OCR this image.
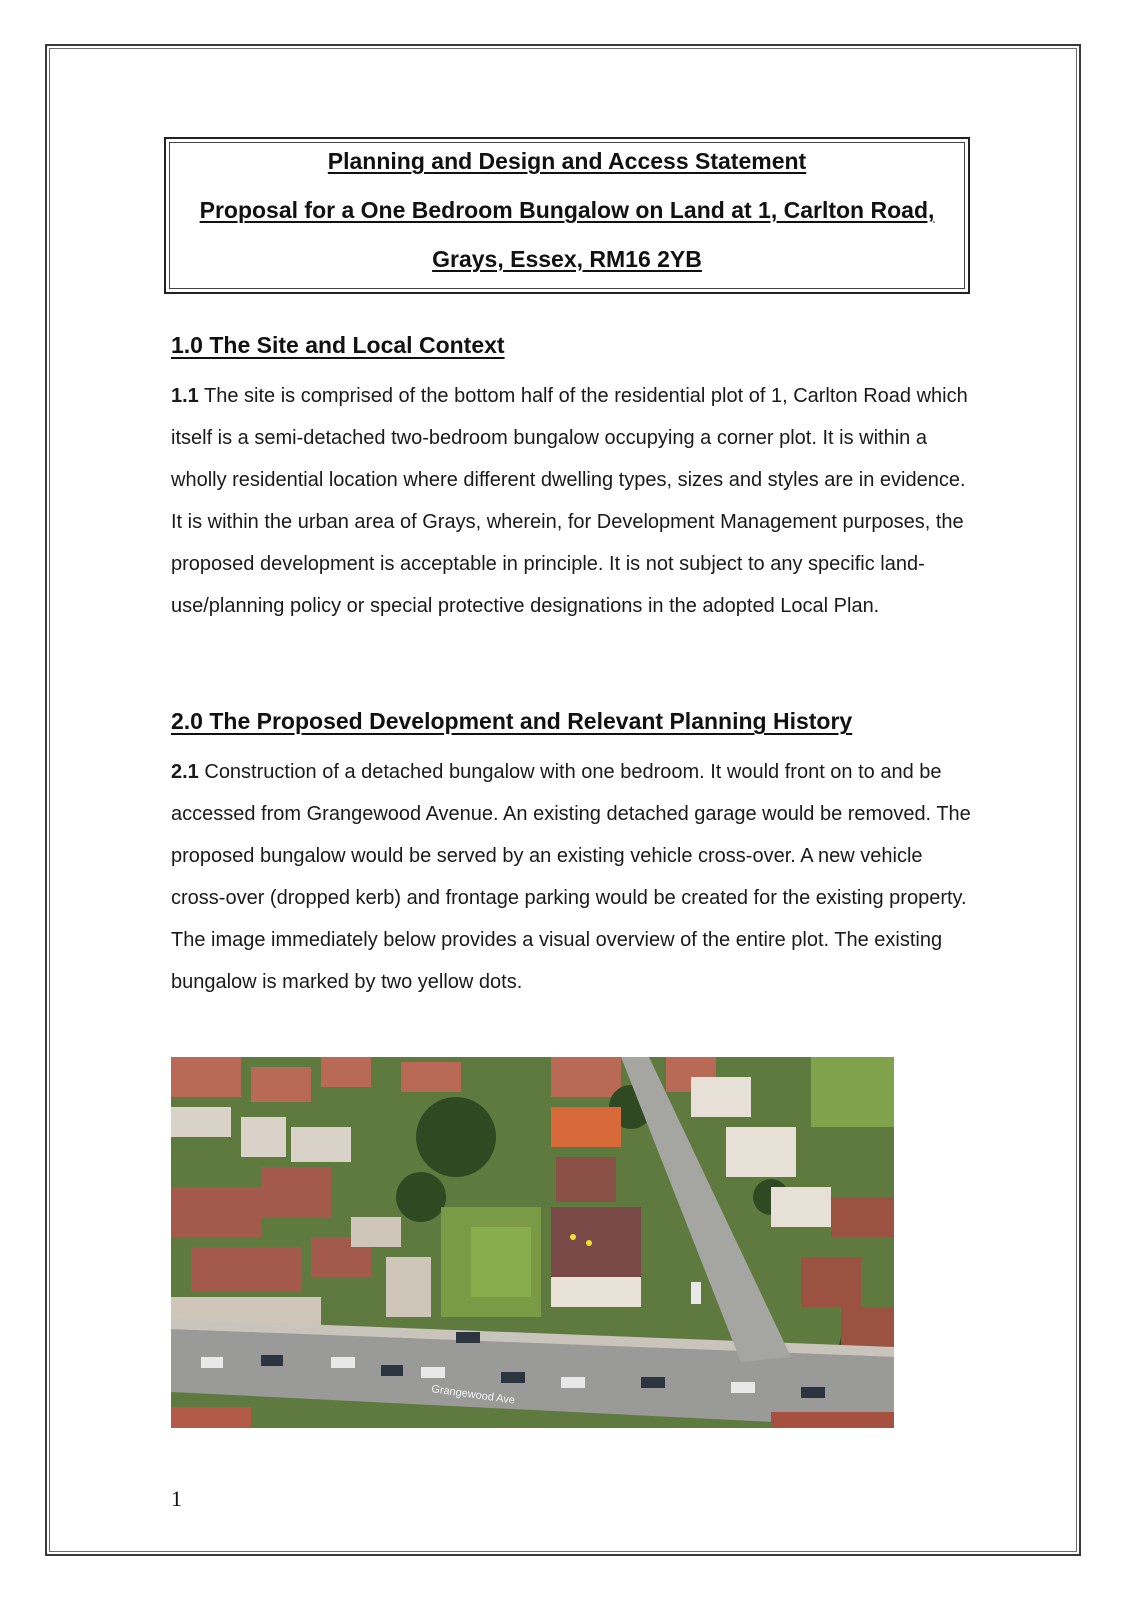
Planning and Design and Access Statement
Proposal for a One Bedroom Bungalow on Land at 1, Carlton Road,
Grays, Essex, RM16 2YB
1.0 The Site and Local Context

1.1 The site is comprised of the bottom half of the residential plot of 1, Carlton Road which itself is a semi-detached two-bedroom bungalow occupying a corner plot. It is within a wholly residential location where different dwelling types, sizes and styles are in evidence. It is within the urban area of Grays, wherein, for Development Management purposes, the proposed development is acceptable in principle. It is not subject to any specific land-use/planning policy or special protective designations in the adopted Local Plan.

2.0 The Proposed Development and Relevant Planning History

2.1 Construction of a detached bungalow with one bedroom. It would front on to and be accessed from Grangewood Avenue. An existing detached garage would be removed. The proposed bungalow would be served by an existing vehicle cross-over. A new vehicle cross-over (dropped kerb) and frontage parking would be created for the existing property. The image immediately below provides a visual overview of the entire plot. The existing bungalow is marked by two yellow dots.

Grangewood Ave
1
